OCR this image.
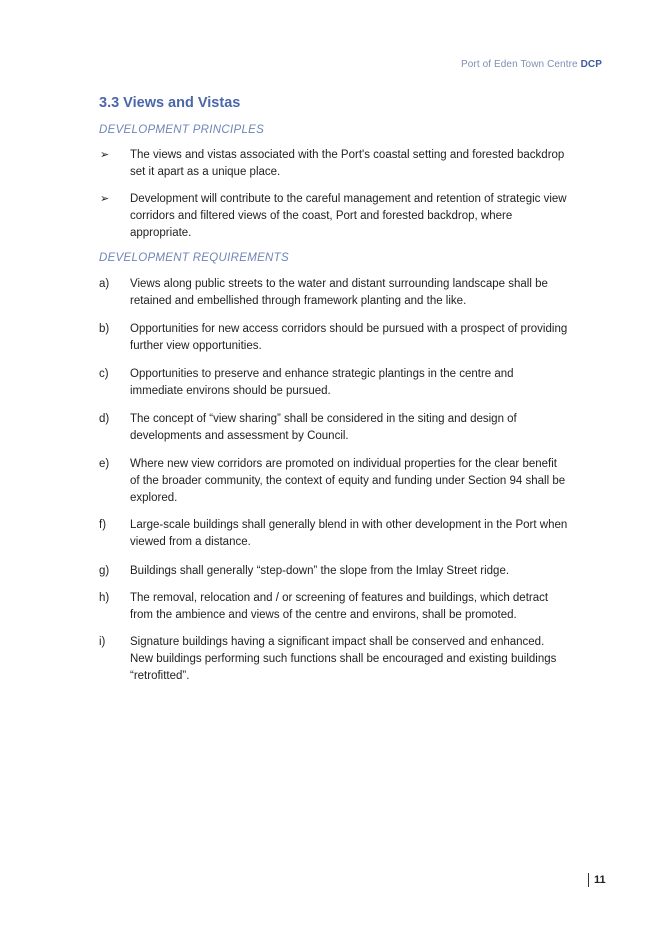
Port of Eden Town Centre DCP
3.3 Views and Vistas
DEVELOPMENT PRINCIPLES
➢	The views and vistas associated with the Port's coastal setting and forested backdrop set it apart as a unique place.
➢	Development will contribute to the careful management and retention of strategic view corridors and filtered views of the coast, Port and forested backdrop, where appropriate.
DEVELOPMENT REQUIREMENTS
a)	Views along public streets to the water and distant surrounding landscape shall be retained and embellished through framework planting and the like.
b)	Opportunities for new access corridors should be pursued with a prospect of providing further view opportunities.
c)	Opportunities to preserve and enhance strategic plantings in the centre and immediate environs should be pursued.
d)	The concept of “view sharing” shall be considered in the siting and design of developments and assessment by Council.
e)	Where new view corridors are promoted on individual properties for the clear benefit of the broader community, the context of equity and funding under Section 94 shall be explored.
f)	Large-scale buildings shall generally blend in with other development in the Port when viewed from a distance.
g)	Buildings shall generally “step-down” the slope from the Imlay Street ridge.
h)	The removal, relocation and / or screening of features and buildings, which detract from the ambience and views of the centre and environs, shall be promoted.
i)	Signature buildings having a significant impact shall be conserved and enhanced. New buildings performing such functions shall be encouraged and existing buildings “retrofitted”.
11
